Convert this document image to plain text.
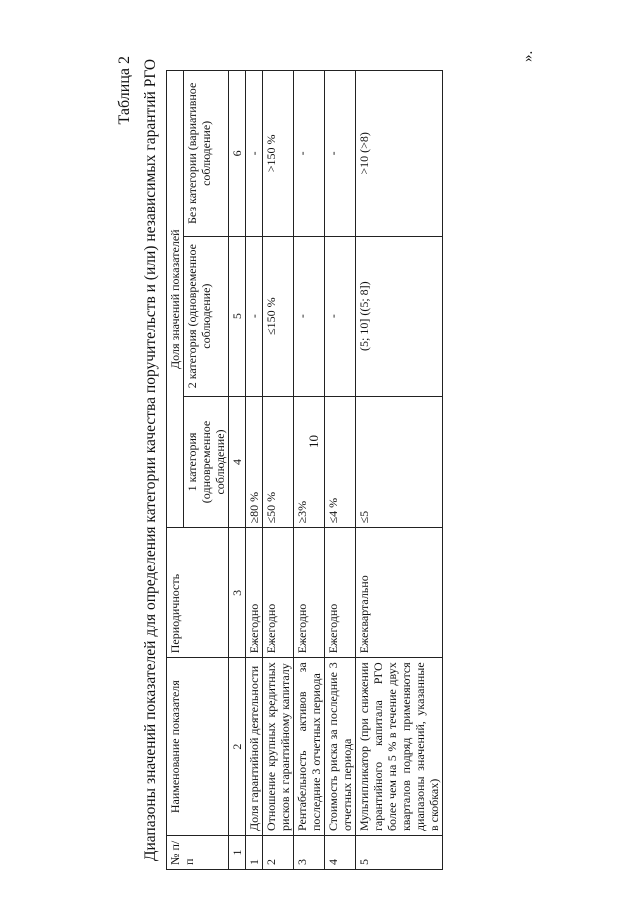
10
Таблица 2 Диапазоны значений показателей для определения категории качества поручительств и (или) независимых гарантий РГО № п/п	Наименование показателя	Периодичность	Доля значений показателей		
			1 категория (одновременное соблюдение)	2 категория (одновременное соблюдение)	Без категории (вариативное соблюдение)
1	2	3	4	5	6
1	Доля гарантийной деятельности	Ежегодно	≥80 %	-	-
2	Отношение крупных кредитных рисков к гарантийному капиталу	Ежегодно	≤50 %	≤150 %	>150 %
3	Рентабельность активов за последние 3 отчетных периода	Ежегодно	≥3%	-	-
4	Стоимость риска за последние 3 отчетных периода	Ежегодно	≤4 %	-	-
5	Мультипликатор (при снижении гарантийного капитала РГО более чем на 5 % в течение двух кварталов подряд применяются диапазоны значений, указанные в скобках)	Ежеквартально	≤5	(5; 10] ((5; 8])	>10 (>8)
».
